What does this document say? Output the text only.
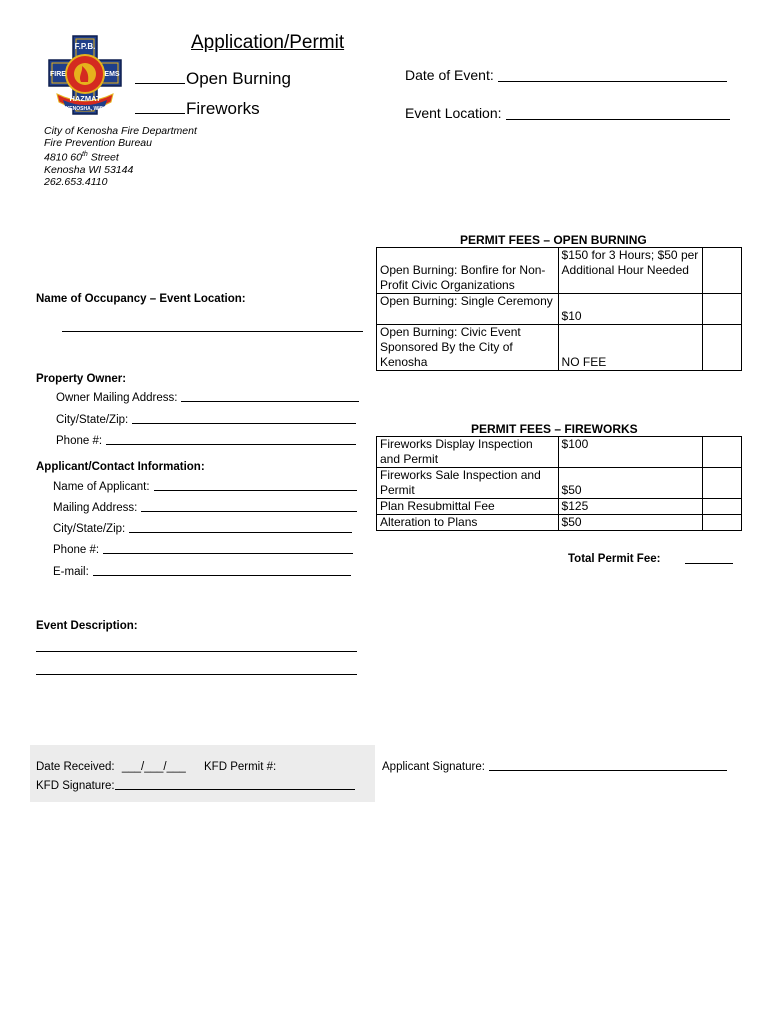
F.P.B.
FIRE	EMS
HAZMAT
KENOSHA, WIS.
Application/Permit
Open Burning
Fireworks
Date of Event:
Event Location:
City of Kenosha Fire Department
Fire Prevention Bureau
4810 60th Street
Kenosha WI 53144
262.653.4110
Name of Occupancy – Event Location:
Property Owner:
Owner Mailing Address:
City/State/Zip:
Phone #:
Applicant/Contact Information:
Name of Applicant:
Mailing Address:
City/State/Zip:
Phone #:
E-mail:
Event Description:
PERMIT FEES – OPEN BURNING
Open Burning: Bonfire for Non-Profit Civic Organizations	$150 for 3 Hours; $50 per Additional Hour Needed	
Open Burning: Single Ceremony	$10	
Open Burning: Civic Event Sponsored By the City of Kenosha	NO FEE	
PERMIT FEES – FIREWORKS
Fireworks Display Inspection and Permit	$100	
Fireworks Sale Inspection and Permit	$50	
Plan Resubmittal Fee	$125	
Alteration to Plans	$50	
Total Permit Fee:
Date Received: ___/___/___ KFD Permit #:
KFD Signature:
Applicant Signature:
